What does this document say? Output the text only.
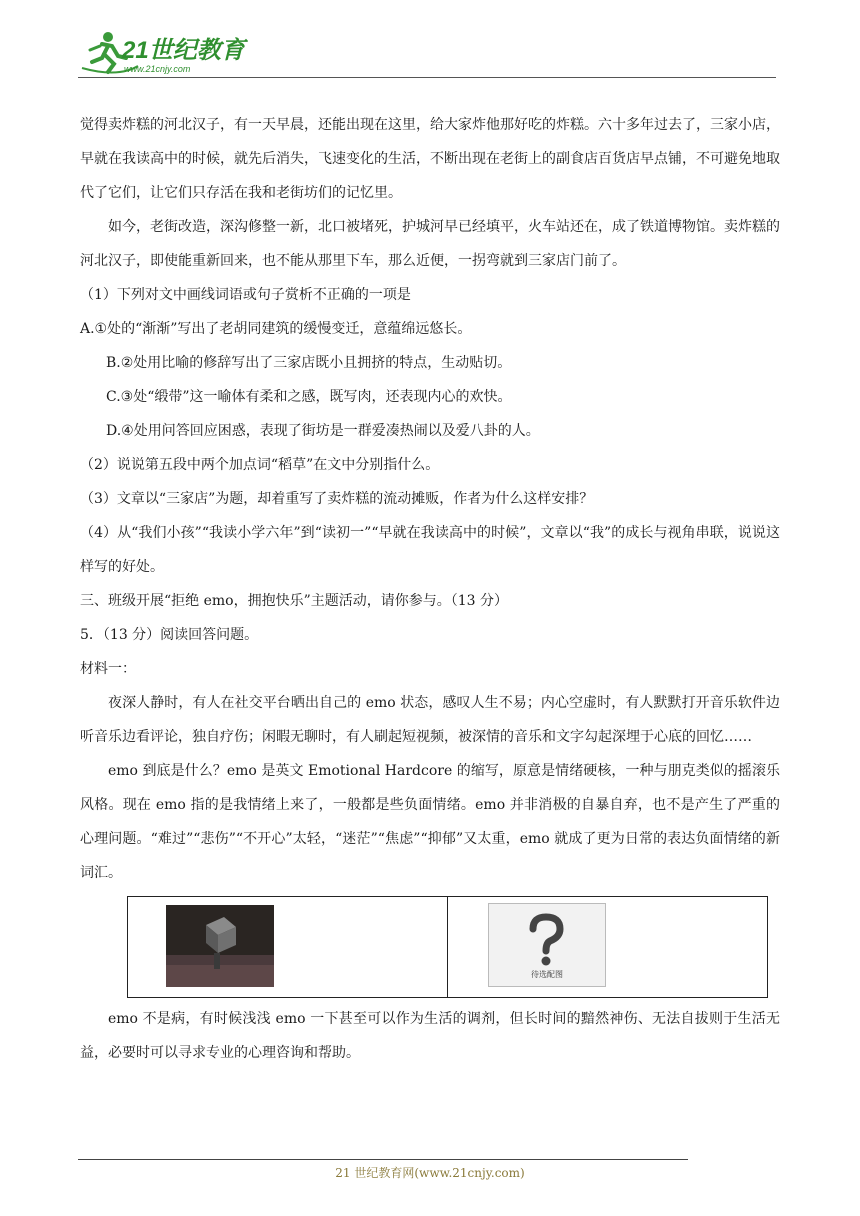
21世纪教育
www.21cnjy.com

觉得卖炸糕的河北汉子，有一天早晨，还能出现在这里，给大家炸他那好吃的炸糕。六十多年过去了，三家小店，早就在我读高中的时候，就先后消失，飞速变化的生活，不断出现在老街上的副食店百货店早点铺，不可避免地取代了它们，让它们只存活在我和老街坊们的记忆里。

如今，老街改造，深沟修整一新，北口被堵死，护城河早已经填平，火车站还在，成了铁道博物馆。卖炸糕的河北汉子，即使能重新回来，也不能从那里下车，那么近便，一拐弯就到三家店门前了。

（1）下列对文中画线词语或句子赏析不正确的一项是

A.①处的“渐渐”写出了老胡同建筑的缓慢变迁，意蕴绵远悠长。

B.②处用比喻的修辞写出了三家店既小且拥挤的特点，生动贴切。

C.③处“缎带”这一喻体有柔和之感，既写肉，还表现内心的欢快。

D.④处用问答回应困惑，表现了街坊是一群爱凑热闹以及爱八卦的人。

（2）说说第五段中两个加点词“稻草”在文中分别指什么。

（3）文章以“三家店”为题，却着重写了卖炸糕的流动摊贩，作者为什么这样安排？

（4）从“我们小孩”“我读小学六年”到“读初一”“早就在我读高中的时候”，文章以“我”的成长与视角串联，说说这样写的好处。

三、班级开展“拒绝 emo，拥抱快乐”主题活动，请你参与。（13 分）

5．（13 分）阅读回答问题。

材料一：

夜深人静时，有人在社交平台晒出自己的 emo 状态，感叹人生不易；内心空虚时，有人默默打开音乐软件边听音乐边看评论，独自疗伤；闲暇无聊时，有人刷起短视频，被深情的音乐和文字勾起深埋于心底的回忆……

emo 到底是什么？emo 是英文 Emotional Hardcore 的缩写，原意是情绪硬核，一种与朋克类似的摇滚乐风格。现在 emo 指的是我情绪上来了，一般都是些负面情绪。emo 并非消极的自暴自弃，也不是产生了严重的心理问题。“难过”“悲伤”“不开心”太轻，“迷茫”“焦虑”“抑郁”又太重，emo 就成了更为日常的表达负面情绪的新词汇。

待选配图

emo 不是病，有时候浅浅 emo 一下甚至可以作为生活的调剂，但长时间的黯然神伤、无法自拔则于生活无益，必要时可以寻求专业的心理咨询和帮助。

21 世纪教育网(www.21cnjy.com)
